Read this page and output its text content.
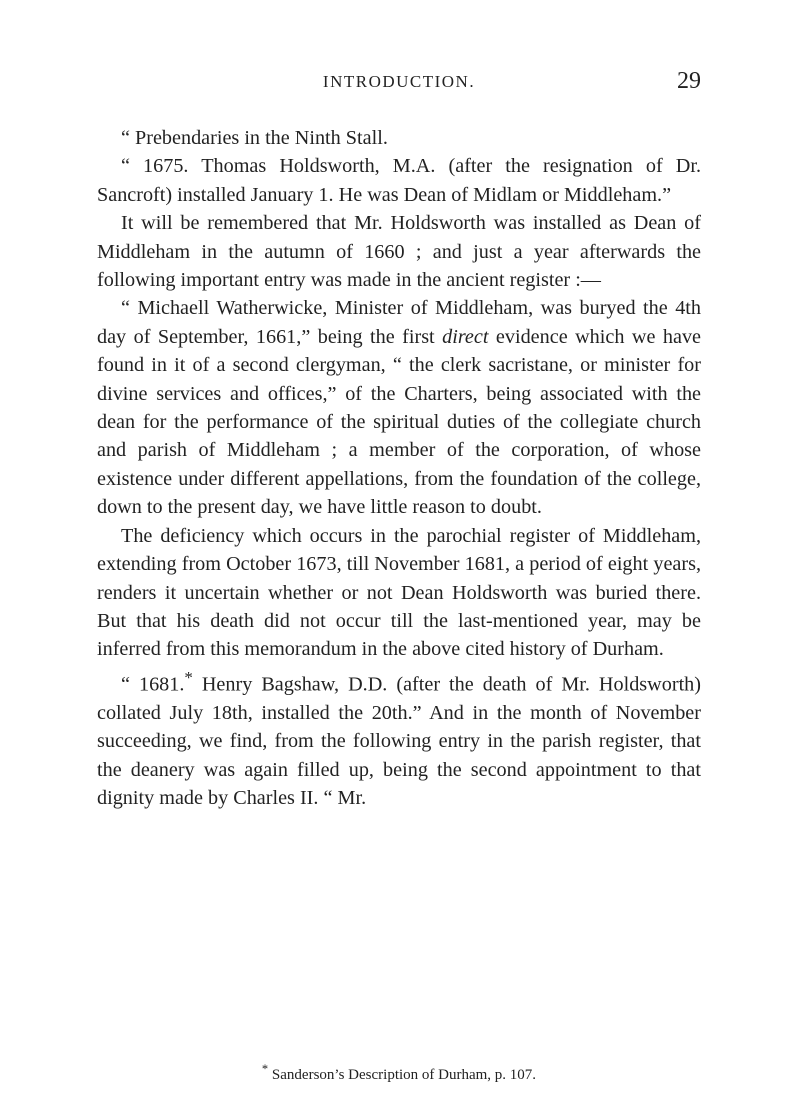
INTRODUCTION.	29

“ Prebendaries in the Ninth Stall.

“ 1675. Thomas Holdsworth, M.A. (after the resignation of Dr. Sancroft) installed January 1. He was Dean of Midlam or Middleham.”

It will be remembered that Mr. Holdsworth was installed as Dean of Middleham in the autumn of 1660 ; and just a year afterwards the following important entry was made in the ancient register :—

“ Michaell Watherwicke, Minister of Middleham, was buryed the 4th day of September, 1661,” being the first direct evidence which we have found in it of a second clergyman, “ the clerk sacristane, or minister for divine services and offices,” of the Charters, being associated with the dean for the performance of the spiritual duties of the collegiate church and parish of Middleham ; a member of the corporation, of whose existence under different appellations, from the foundation of the college, down to the present day, we have little reason to doubt.

The deficiency which occurs in the parochial register of Middleham, extending from October 1673, till November 1681, a period of eight years, renders it uncertain whether or not Dean Holdsworth was buried there. But that his death did not occur till the last-mentioned year, may be inferred from this memorandum in the above cited history of Durham.

“ 1681.* Henry Bagshaw, D.D. (after the death of Mr. Holdsworth) collated July 18th, installed the 20th.” And in the month of November succeeding, we find, from the following entry in the parish register, that the deanery was again filled up, being the second appointment to that dignity made by Charles II. “ Mr.

* Sanderson’s Description of Durham, p. 107.
